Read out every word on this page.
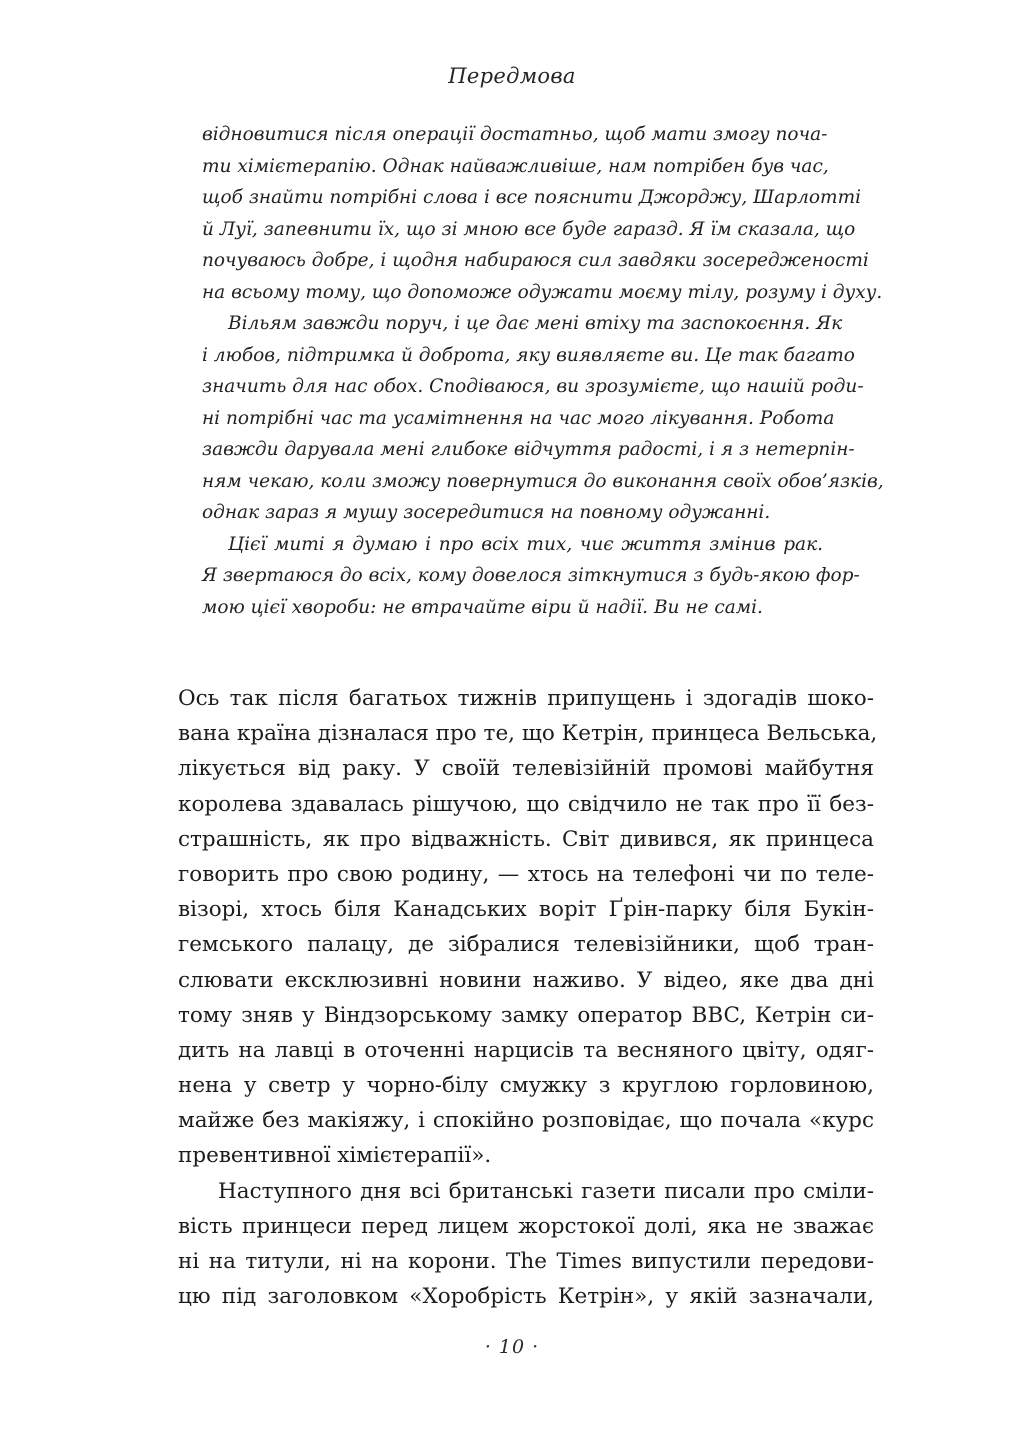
Передмова
відновитися після операції достатньо, щоб мати змогу поча-
ти хімієтерапію. Однак найважливіше, нам потрібен був час,
щоб знайти потрібні слова і все пояснити Джорджу, Шарлотті
й Луї, запевнити їх, що зі мною все буде гаразд. Я їм сказала, що
почуваюсь добре, і щодня набираюся сил завдяки зосередженості
на всьому тому, що допоможе одужати моєму тілу, розуму і духу.
Вільям завжди поруч, і це дає мені втіху та заспокоєння. Як
і любов, підтримка й доброта, яку виявляєте ви. Це так багато
значить для нас обох. Сподіваюся, ви зрозумієте, що нашій роди-
ні потрібні час та усамітнення на час мого лікування. Робота
завжди дарувала мені глибоке відчуття радості, і я з нетерпін-
ням чекаю, коли зможу повернутися до виконання своїх обов’язків,
однак зараз я мушу зосередитися на повному одужанні.
Цієї миті я думаю і про всіх тих, чиє життя змінив рак.
Я звертаюся до всіх, кому довелося зіткнутися з будь-якою фор-
мою цієї хвороби: не втрачайте віри й надії. Ви не самі.
Ось так після багатьох тижнів припущень і здогадів шоко-
вана країна дізналася про те, що Кетрін, принцеса Вельська,
лікується від раку. У своїй телевізійній промові майбутня
королева здавалась рішучою, що свідчило не так про її без-
страшність, як про відважність. Світ дивився, як принцеса
говорить про свою родину, — хтось на телефоні чи по теле-
візорі, хтось біля Канадських воріт Ґрін-парку біля Букін-
гемського палацу, де зібралися телевізійники, щоб тран-
слювати ексклюзивні новини наживо. У відео, яке два дні
тому зняв у Віндзорському замку оператор BBC, Кетрін си-
дить на лавці в оточенні нарцисів та весняного цвіту, одяг-
нена у светр у чорно-білу смужку з круглою горловиною,
майже без макіяжу, і спокійно розповідає, що почала «курс
превентивної хімієтерапії».
Наступного дня всі британські газети писали про сміли-
вість принцеси перед лицем жорстокої долі, яка не зважає
ні на титули, ні на корони. The Times випустили передови-
цю під заголовком «Хоробрість Кетрін», у якій зазначали,
· 10 ·
